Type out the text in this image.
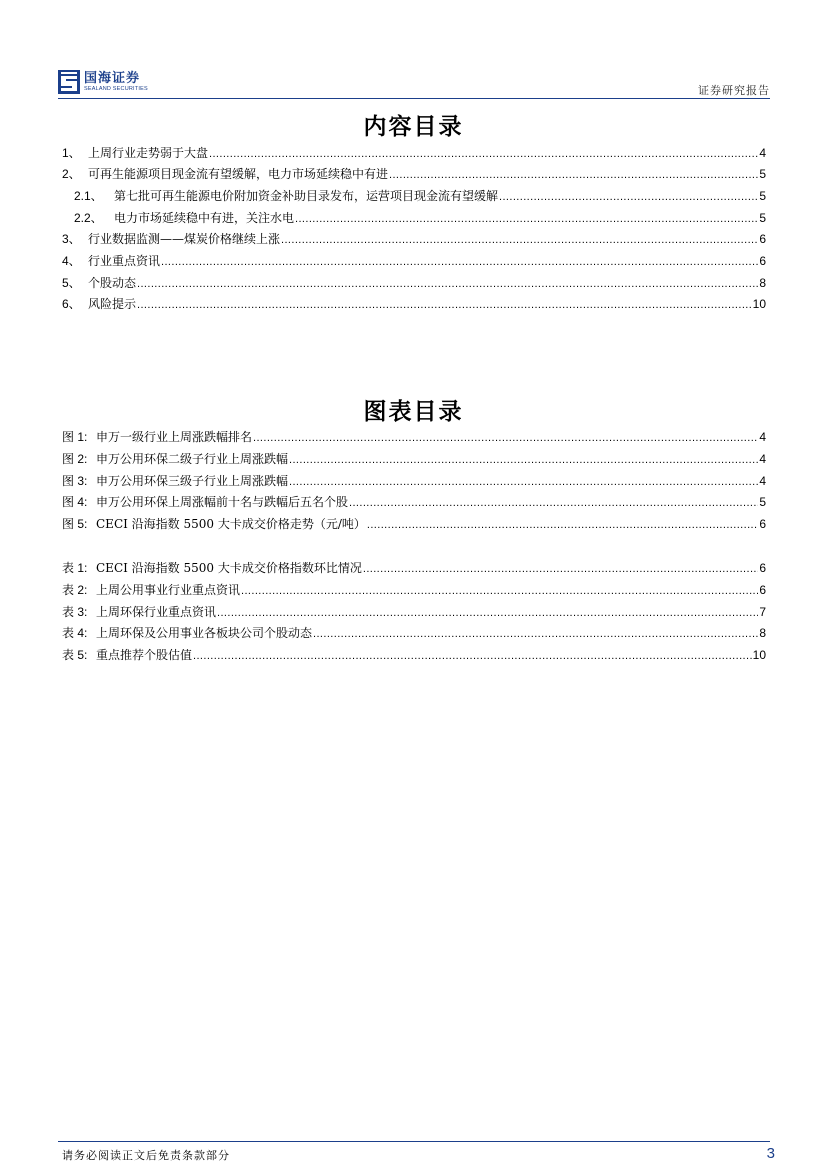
国海证券
SEALAND SECURITIES	证券研究报告
内容目录
1、 上周行业走势弱于大盘 .....	4
2、 可再生能源项目现金流有望缓解，电力市场延续稳中有进 .....	5
2.1、 第七批可再生能源电价附加资金补助目录发布，运营项目现金流有望缓解 .....	5
2.2、 电力市场延续稳中有进，关注水电 .....	5
3、 行业数据监测——煤炭价格继续上涨 .....	6
4、 行业重点资讯 .....	6
5、 个股动态 .....	8
6、 风险提示 .....	10
图表目录
图 1: 申万一级行业上周涨跌幅排名 .....	4
图 2: 申万公用环保二级子行业上周涨跌幅 .....	4
图 3: 申万公用环保三级子行业上周涨跌幅 .....	4
图 4: 申万公用环保上周涨幅前十名与跌幅后五名个股 .....	5
图 5: CECI 沿海指数 5500 大卡成交价格走势（元/吨） .....	6
表 1: CECI 沿海指数 5500 大卡成交价格指数环比情况 .....	6
表 2: 上周公用事业行业重点资讯 .....	6
表 3: 上周环保行业重点资讯 .....	7
表 4: 上周环保及公用事业各板块公司个股动态 .....	8
表 5: 重点推荐个股估值 .....	10
请务必阅读正文后免责条款部分	3
